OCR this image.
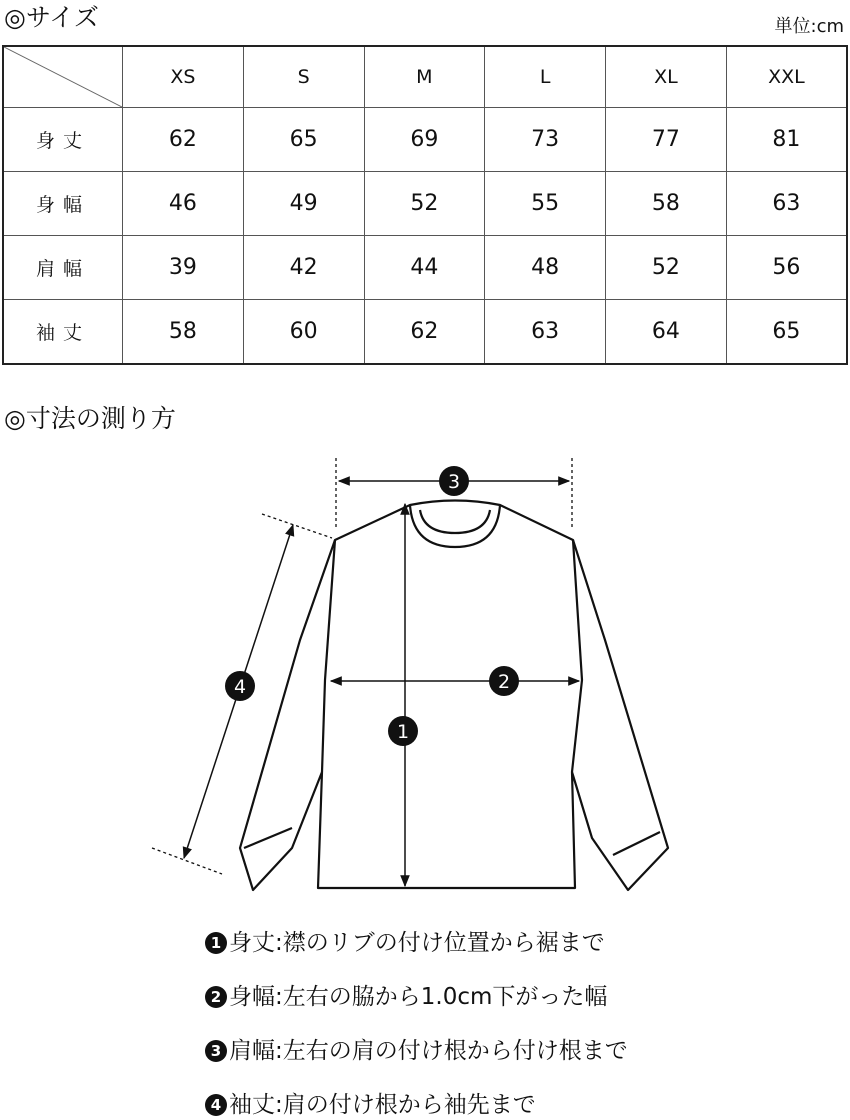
◎サイズ	単位:cm
	XS	S	M	L	XL	XXL
身丈	62	65	69	73	77	81
身幅	46	49	52	55	58	63
肩幅	39	42	44	48	52	56
袖丈	58	60	62	63	64	65
◎寸法の測り方
3
2
1
4
1 身丈:襟のリブの付け位置から裾まで
2 身幅:左右の脇から1.0cm下がった幅
3 肩幅:左右の肩の付け根から付け根まで
4 袖丈:肩の付け根から袖先まで
